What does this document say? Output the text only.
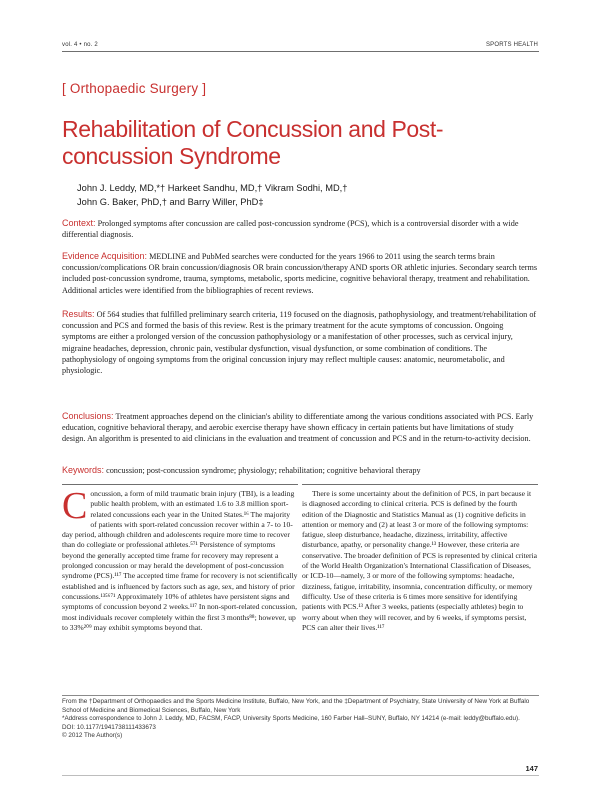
vol. 4 • no. 2	SPORTS HEALTH
[ Orthopaedic Surgery ]
Rehabilitation of Concussion and Post-concussion Syndrome
John J. Leddy, MD,*† Harkeet Sandhu, MD,† Vikram Sodhi, MD,†
John G. Baker, PhD,† and Barry Willer, PhD‡
Context: Prolonged symptoms after concussion are called post-concussion syndrome (PCS), which is a controversial disorder with a wide differential diagnosis.
Evidence Acquisition: MEDLINE and PubMed searches were conducted for the years 1966 to 2011 using the search terms brain concussion/complications OR brain concussion/diagnosis OR brain concussion/therapy AND sports OR athletic injuries. Secondary search terms included post-concussion syndrome, trauma, symptoms, metabolic, sports medicine, cognitive behavioral therapy, treatment and rehabilitation. Additional articles were identified from the bibliographies of recent reviews.
Results: Of 564 studies that fulfilled preliminary search criteria, 119 focused on the diagnosis, pathophysiology, and treatment/rehabilitation of concussion and PCS and formed the basis of this review. Rest is the primary treatment for the acute symptoms of concussion. Ongoing symptoms are either a prolonged version of the concussion pathophysiology or a manifestation of other processes, such as cervical injury, migraine headaches, depression, chronic pain, vestibular dysfunction, visual dysfunction, or some combination of conditions. The pathophysiology of ongoing symptoms from the original concussion injury may reflect multiple causes: anatomic, neurometabolic, and physiologic.
Conclusions: Treatment approaches depend on the clinician's ability to differentiate among the various conditions associated with PCS. Early education, cognitive behavioral therapy, and aerobic exercise therapy have shown efficacy in certain patients but have limitations of study design. An algorithm is presented to aid clinicians in the evaluation and treatment of concussion and PCS and in the return-to-activity decision.
Keywords: concussion; post-concussion syndrome; physiology; rehabilitation; cognitive behavioral therapy
C oncussion, a form of mild traumatic brain injury (TBI), is a leading public health problem, with an estimated 1.6 to 3.8 million sport-related concussions each year in the United States.¹⁶ The majority of patients with sport-related concussion recover within a 7- to 10-day period, although children and adolescents require more time to recover than do collegiate or professional athletes.⁵⁷¹ Persistence of symptoms beyond the generally accepted time frame for recovery may represent a prolonged concussion or may herald the development of post-concussion syndrome (PCS).¹¹⁷ The accepted time frame for recovery is not scientifically established and is influenced by factors such as age, sex, and history of prior concussions.¹³⁵⁶⁷¹ Approximately 10% of athletes have persistent signs and symptoms of concussion beyond 2 weeks.¹¹⁷ In non-sport-related concussion, most individuals recover completely within the first 3 months⁸⁸; however, up to 33%²⁰⁹ may exhibit symptoms beyond that.
There is some uncertainty about the definition of PCS, in part because it is diagnosed according to clinical criteria. PCS is defined by the fourth edition of the Diagnostic and Statistics Manual as (1) cognitive deficits in attention or memory and (2) at least 3 or more of the following symptoms: fatigue, sleep disturbance, headache, dizziness, irritability, affective disturbance, apathy, or personality change.¹³ However, these criteria are conservative. The broader definition of PCS is represented by clinical criteria of the World Health Organization's International Classification of Diseases, or ICD-10—namely, 3 or more of the following symptoms: headache, dizziness, fatigue, irritability, insomnia, concentration difficulty, or memory difficulty. Use of these criteria is 6 times more sensitive for identifying patients with PCS.¹³ After 3 weeks, patients (especially athletes) begin to worry about when they will recover, and by 6 weeks, if symptoms persist, PCS can alter their lives.¹¹⁷
From the †Department of Orthopaedics and the Sports Medicine Institute, Buffalo, New York, and the ‡Department of Psychiatry, State University of New York at Buffalo School of Medicine and Biomedical Sciences, Buffalo, New York
*Address correspondence to John J. Leddy, MD, FACSM, FACP, University Sports Medicine, 160 Farber Hall–SUNY, Buffalo, NY 14214 (e-mail: leddy@buffalo.edu).
DOI: 10.1177/1941738111433673
© 2012 The Author(s)
147
